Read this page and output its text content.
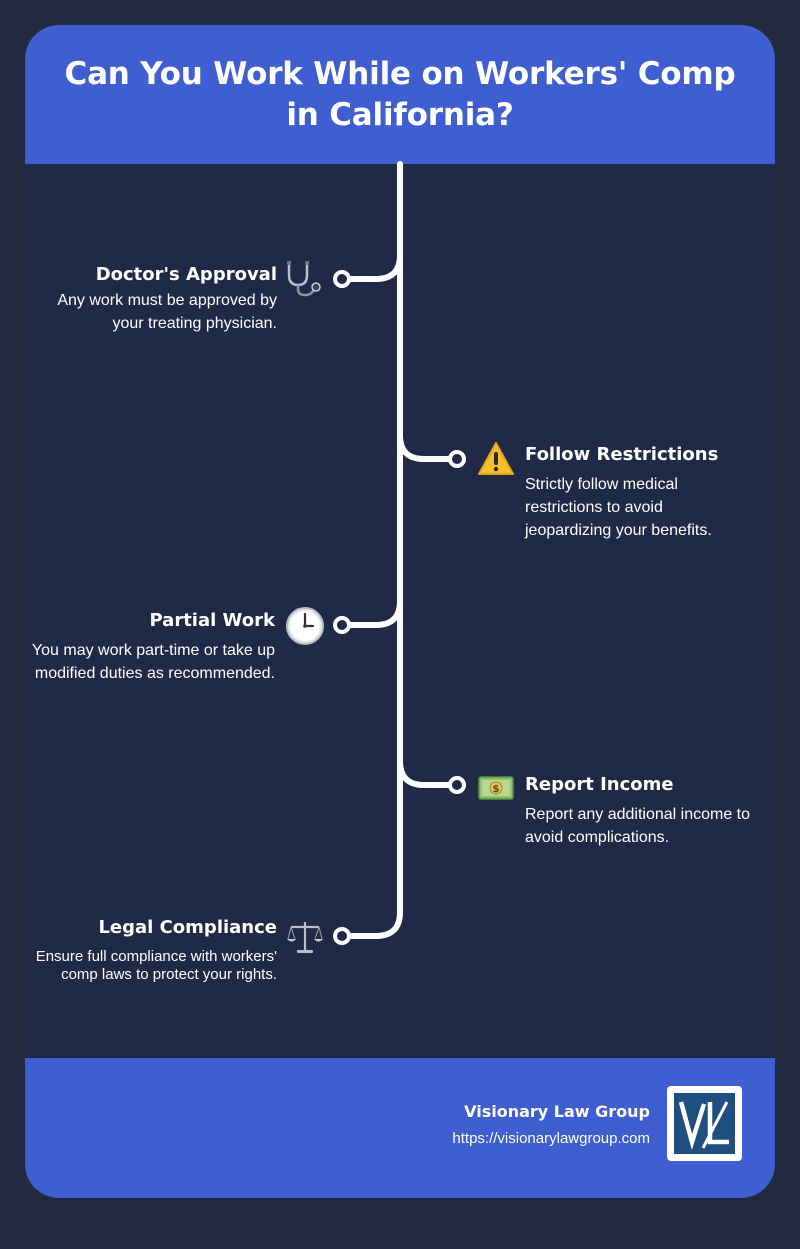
Can You Work While on Workers' Comp in California?
Doctor's Approval
Any work must be approved by your treating physician.
Follow Restrictions
Strictly follow medical restrictions to avoid jeopardizing your benefits.
Partial Work
You may work part-time or take up modified duties as recommended.
$ Report Income
Report any additional income to avoid complications.
Legal Compliance
Ensure full compliance with workers' comp laws to protect your rights.
Visionary Law Group
https://visionarylawgroup.com
